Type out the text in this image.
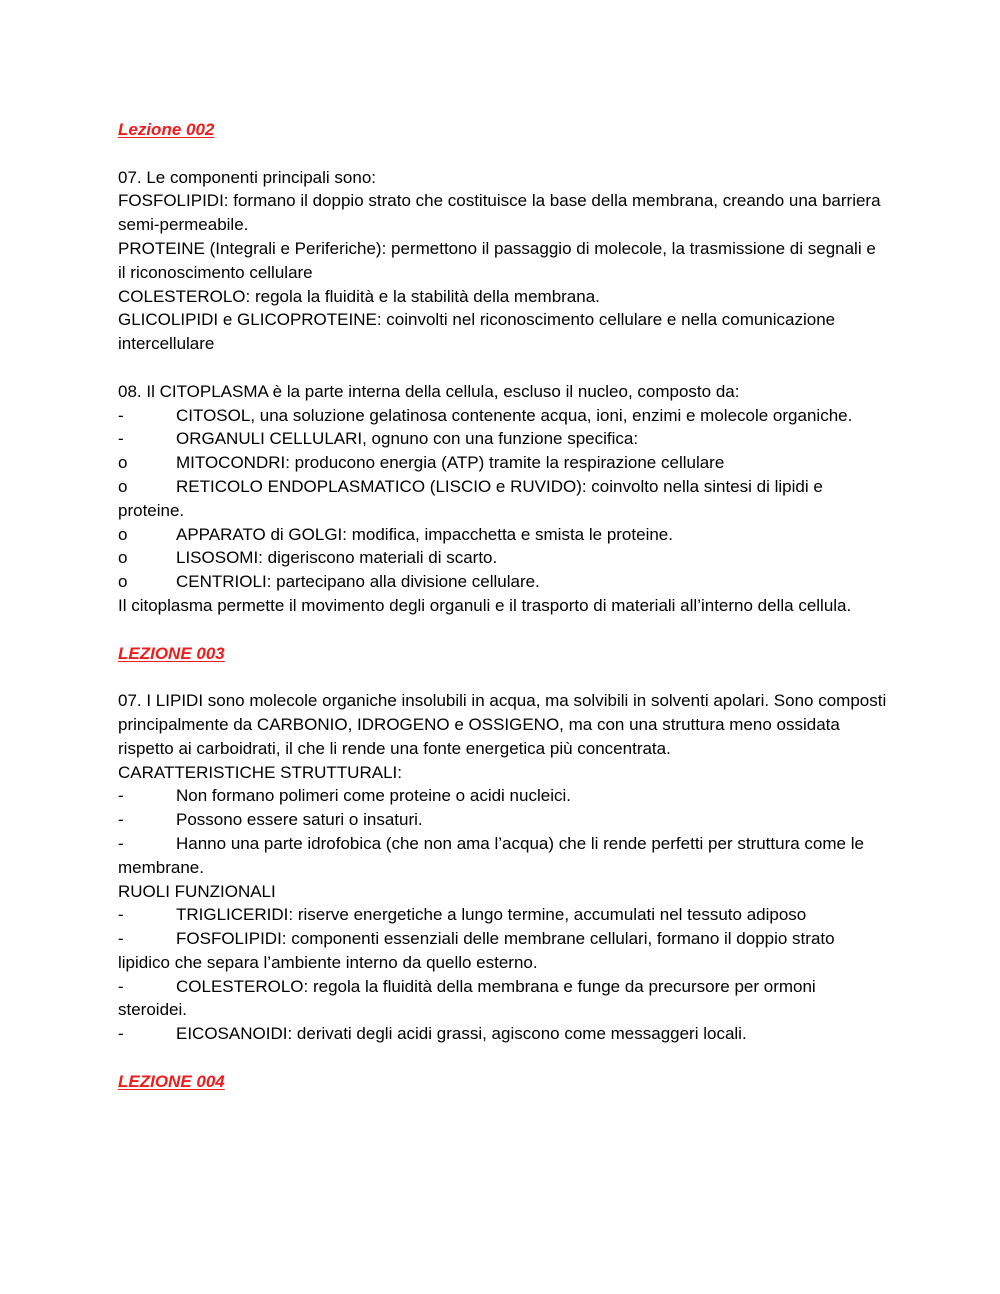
Lezione 002
07. Le componenti principali sono:
FOSFOLIPIDI: formano il doppio strato che costituisce la base della membrana, creando una barriera semi-permeabile.
PROTEINE (Integrali e Periferiche): permettono il passaggio di molecole, la trasmissione di segnali e il riconoscimento cellulare
COLESTEROLO: regola la fluidità e la stabilità della membrana.
GLICOLIPIDI e GLICOPROTEINE: coinvolti nel riconoscimento cellulare e nella comunicazione intercellulare
08. Il CITOPLASMA è la parte interna della cellula, escluso il nucleo, composto da:
-	CITOSOL, una soluzione gelatinosa contenente acqua, ioni, enzimi e molecole organiche.
-	ORGANULI CELLULARI, ognuno con una funzione specifica:
o	MITOCONDRI: producono energia (ATP) tramite la respirazione cellulare
o	RETICOLO ENDOPLASMATICO (LISCIO e RUVIDO): coinvolto nella sintesi di lipidi e proteine.
o	APPARATO di GOLGI: modifica, impacchetta e smista le proteine.
o	LISOSOMI: digeriscono materiali di scarto.
o	CENTRIOLI: partecipano alla divisione cellulare.
Il citoplasma permette il movimento degli organuli e il trasporto di materiali all’interno della cellula.
LEZIONE 003
07. I LIPIDI sono molecole organiche insolubili in acqua, ma solvibili in solventi apolari. Sono composti principalmente da CARBONIO, IDROGENO e OSSIGENO, ma con una struttura meno ossidata rispetto ai carboidrati, il che li rende una fonte energetica più concentrata.
CARATTERISTICHE STRUTTURALI:
-	Non formano polimeri come proteine o acidi nucleici.
-	Possono essere saturi o insaturi.
-	Hanno una parte idrofobica (che non ama l’acqua) che li rende perfetti per struttura come le membrane.
RUOLI FUNZIONALI
-	TRIGLICERIDI: riserve energetiche a lungo termine, accumulati nel tessuto adiposo
-	FOSFOLIPIDI: componenti essenziali delle membrane cellulari, formano il doppio strato lipidico che separa l’ambiente interno da quello esterno.
-	COLESTEROLO: regola la fluidità della membrana e funge da precursore per ormoni steroidei.
-	EICOSANOIDI: derivati degli acidi grassi, agiscono come messaggeri locali.
LEZIONE 004
